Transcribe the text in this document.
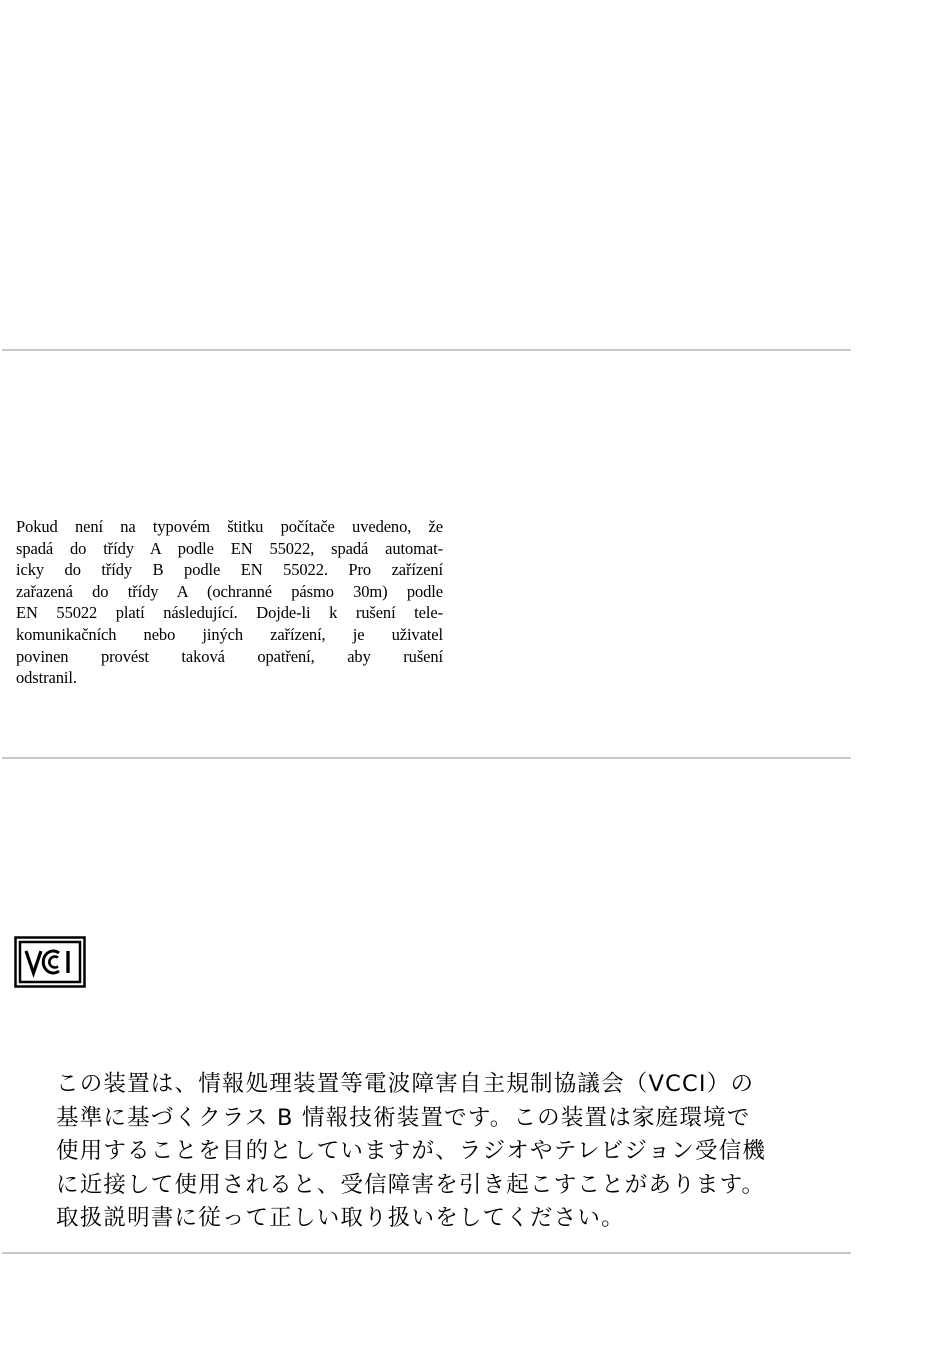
Pokud není na typovém štitku počítače uvedeno, že
spadá do třídy A podle EN 55022, spadá automat-
icky do třídy B podle EN 55022. Pro zařízení
zařazená do třídy A (ochranné pásmo 30m) podle
EN 55022 platí následující. Dojde-li k rušení tele-
komunikačních nebo jiných zařízení, je uživatel
povinen provést taková opatření, aby rušení
odstranil.

この装置は、情報処理装置等電波障害自主規制協議会（VCCI）の
基準に基づくクラス B 情報技術装置です。この装置は家庭環境で
使用することを目的としていますが、ラジオやテレビジョン受信機
に近接して使用されると、受信障害を引き起こすことがあります。
取扱説明書に従って正しい取り扱いをしてください。
